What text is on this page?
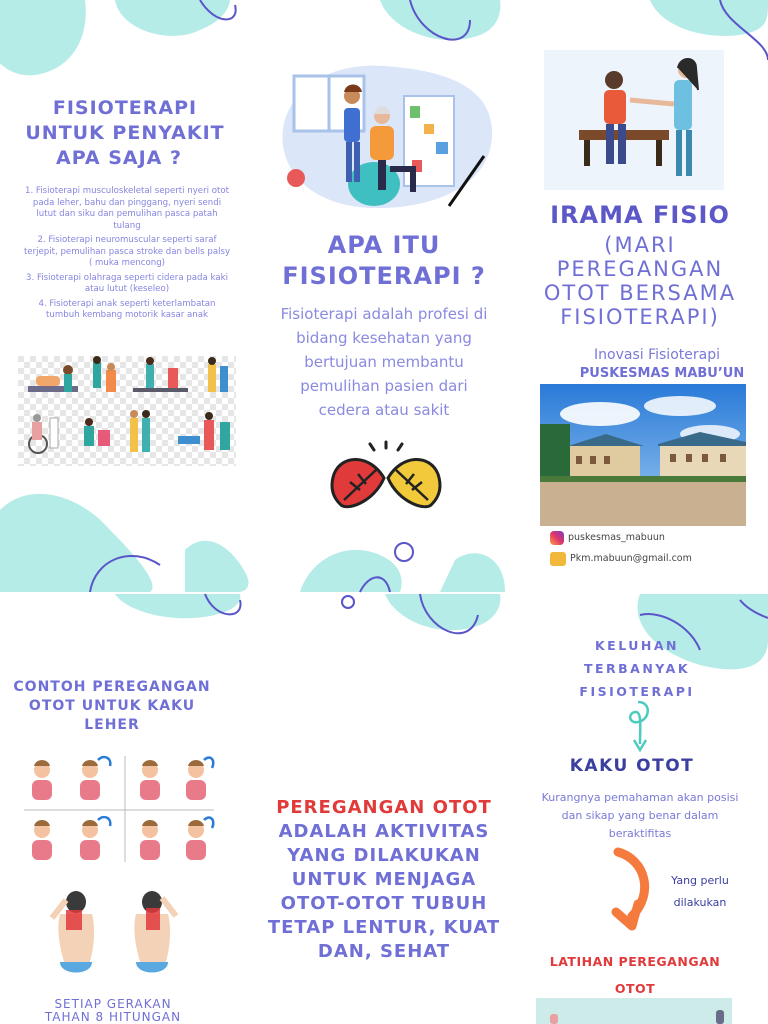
FISIOTERAPI
UNTUK PENYAKIT
APA SAJA ?

1. Fisioterapi musculoskeletal seperti nyeri otot pada leher, bahu dan pinggang, nyeri sendi lutut dan siku dan pemulihan pasca patah tulang

2. Fisioterapi neuromuscular seperti saraf terjepit, pemulihan pasca stroke dan bells palsy ( muka mencong)

3. Fisioterapi olahraga seperti cidera pada kaki atau lutut (keseleo)

4. Fisioterapi anak seperti keterlambatan tumbuh kembang motorik kasar anak

APA ITU
FISIOTERAPI ?
Fisioterapi adalah profesi di
bidang kesehatan yang
bertujuan membantu
pemulihan pasien dari
cedera atau sakit
IRAMA FISIO
(MARI
PEREGANGAN
OTOT BERSAMA
FISIOTERAPI)
Inovasi Fisioterapi
PUSKESMAS MABU’UN
puskesmas_mabuun
Pkm.mabuun@gmail.com
CONTOH PEREGANGAN
OTOT UNTUK KAKU
LEHER
SETIAP GERAKAN
TAHAN 8 HITUNGAN
PEREGANGAN OTOT
ADALAH AKTIVITAS
YANG DILAKUKAN
UNTUK MENJAGA
OTOT-OTOT TUBUH
TETAP LENTUR, KUAT
DAN, SEHAT
KELUHAN
TERBANYAK
FISIOTERAPI
KAKU OTOT
Kurangnya pemahaman akan posisi
dan sikap yang benar dalam
beraktifitas
Yang perlu
dilakukan
LATIHAN PEREGANGAN
OTOT
